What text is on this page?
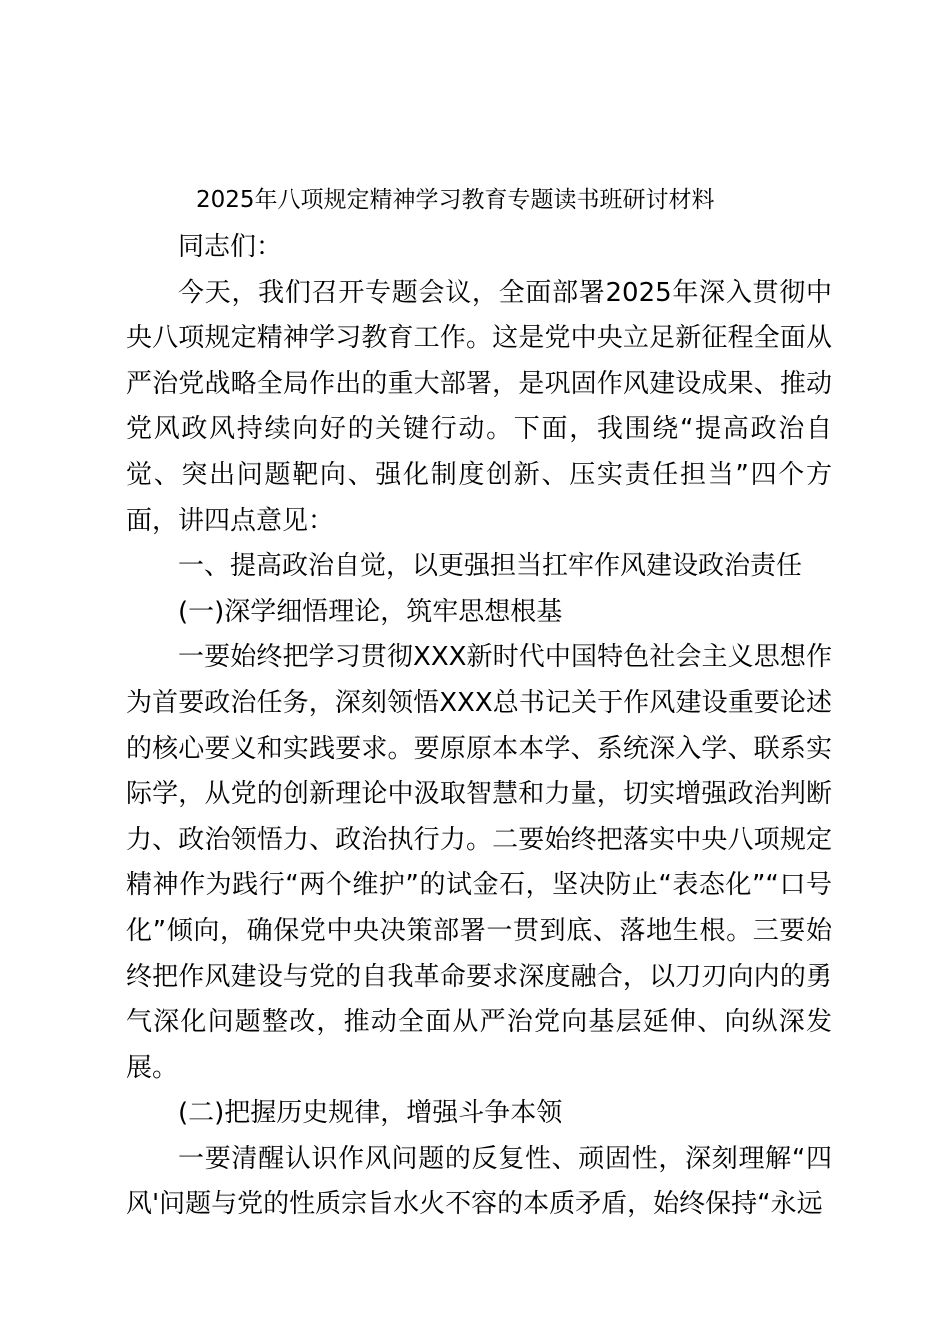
2025年八项规定精神学习教育专题读书班研讨材料

同志们：

今天，我们召开专题会议，全面部署2025年深入贯彻中央八项规定精神学习教育工作。这是党中央立足新征程全面从严治党战略全局作出的重大部署，是巩固作风建设成果、推动党风政风持续向好的关键行动。下面，我围绕“提高政治自觉、突出问题靶向、强化制度创新、压实责任担当”四个方面，讲四点意见：

一、提高政治自觉，以更强担当扛牢作风建设政治责任

(一)深学细悟理论，筑牢思想根基

一要始终把学习贯彻XXX新时代中国特色社会主义思想作为首要政治任务，深刻领悟XXX总书记关于作风建设重要论述的核心要义和实践要求。要原原本本学、系统深入学、联系实际学，从党的创新理论中汲取智慧和力量，切实增强政治判断力、政治领悟力、政治执行力。二要始终把落实中央八项规定精神作为践行“两个维护”的试金石，坚决防止“表态化”“口号化”倾向，确保党中央决策部署一贯到底、落地生根。三要始终把作风建设与党的自我革命要求深度融合，以刀刃向内的勇气深化问题整改，推动全面从严治党向基层延伸、向纵深发展。

(二)把握历史规律，增强斗争本领

一要清醒认识作风问题的反复性、顽固性，深刻理解“四风'问题与党的性质宗旨水火不容的本质矛盾，始终保持“永远
